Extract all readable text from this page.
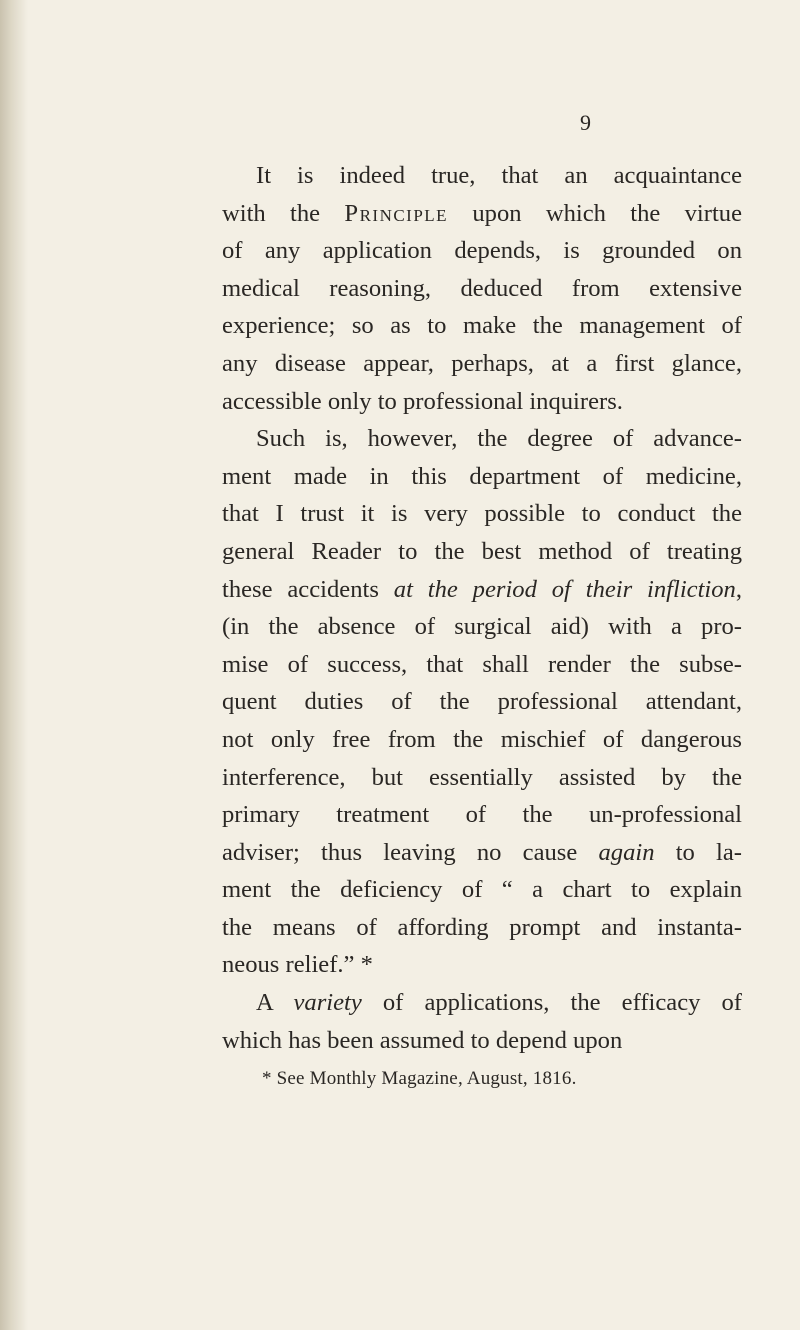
9
It is indeed true, that an acquaintance
with the Principle upon which the virtue
of any application depends, is grounded on
medical reasoning, deduced from extensive
experience; so as to make the management of
any disease appear, perhaps, at a first glance,
accessible only to professional inquirers.
Such is, however, the degree of advance-
ment made in this department of medicine,
that I trust it is very possible to conduct the
general Reader to the best method of treating
these accidents at the period of their infliction,
(in the absence of surgical aid) with a pro-
mise of success, that shall render the subse-
quent duties of the professional attendant,
not only free from the mischief of dangerous
interference, but essentially assisted by the
primary treatment of the un-professional
adviser; thus leaving no cause again to la-
ment the deficiency of “ a chart to explain
the means of affording prompt and instanta-
neous relief.” *
A variety of applications, the efficacy of
which has been assumed to depend upon
* See Monthly Magazine, August, 1816.
